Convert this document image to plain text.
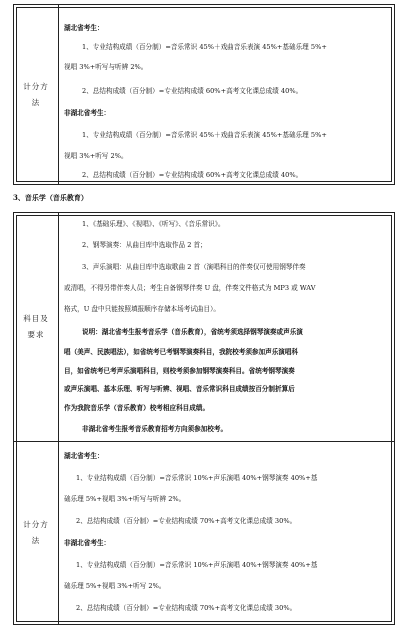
计分方法
湖北省考生：
1、专业结构成绩（百分制）=音乐常识 45%＋戏曲音乐表演 45%+基础乐理 5%+
视唱 3%+听写与听辨 2%。
2、总结构成绩（百分制）=专业结构成绩 60%+高考文化课总成绩 40%。
非湖北省考生：
1、专业结构成绩（百分制）=音乐常识 45%＋戏曲音乐表演 45%+基础乐理 5%+
视唱 3%+听写 2%。
2、总结构成绩（百分制）=专业结构成绩 60%+高考文化课总成绩 40%。
3、音乐学（音乐教育）
科目及要求
1、《基础乐理》、《视唱》、《听写》、《音乐常识》。
2、钢琴演奏：从曲目库中选取作品 2 首；
3、声乐演唱：从曲目库中选取歌曲 2 首（演唱科目的伴奏仅可使用钢琴伴奏
或清唱，不得另带伴奏人员；考生自备钢琴伴奏 U 盘，伴奏文件格式为 MP3 或 WAV
格式，U 盘中只能按照填报顺序存储本场考试曲目）。
说明：湖北省考生报考音乐学（音乐教育），省统考须选择钢琴演奏或声乐演
唱（美声、民族唱法），如省统考已考钢琴演奏科目，我院校考须参加声乐演唱科
目，如省统考已考声乐演唱科目，则校考须参加钢琴演奏科目。省统考钢琴演奏
或声乐演唱、基本乐理、听写与听辨、视唱、音乐常识科目成绩按百分制折算后
作为我院音乐学（音乐教育）校考相应科目成绩。
非湖北省考生报考音乐教育招考方向须参加校考。
计分方法
湖北省考生：
1、专业结构成绩（百分制）=音乐常识 10%+声乐演唱 40%+钢琴演奏 40%+基
础乐理 5%+视唱 3%+听写与听辨 2%。
2、总结构成绩（百分制）=专业结构成绩 70%+高考文化课总成绩 30%。
非湖北省考生：
1、专业结构成绩（百分制）=音乐常识 10%+声乐演唱 40%+钢琴演奏 40%+基
础乐理 5%+视唱 3%+听写 2%。
2、总结构成绩（百分制）=专业结构成绩 70%+高考文化课总成绩 30%。
